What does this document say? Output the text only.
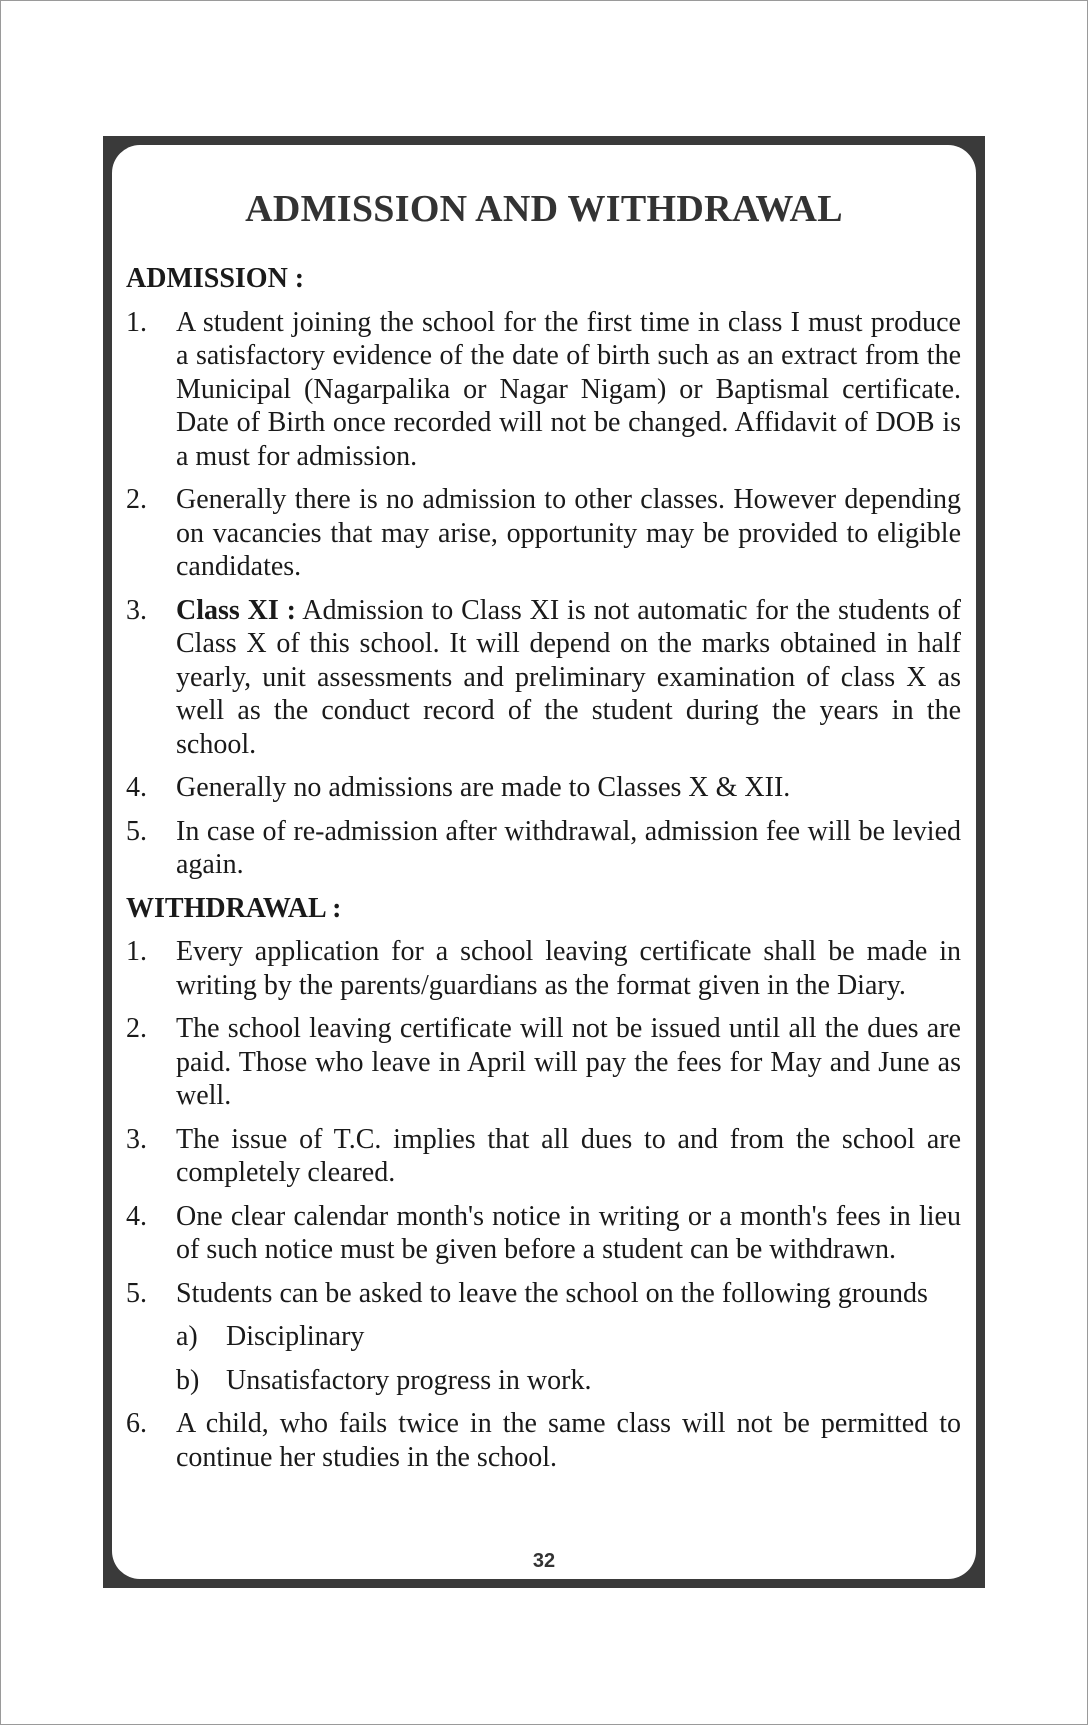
ADMISSION AND WITHDRAWAL
ADMISSION :
1. A student joining the school for the first time in class I must produce a satisfactory evidence of the date of birth such as an extract from the Municipal (Nagarpalika or Nagar Nigam) or Baptismal certificate. Date of Birth once recorded will not be changed. Affidavit of DOB is a must for admission.
2. Generally there is no admission to other classes. However depending on vacancies that may arise, opportunity may be provided to eligible candidates.
3. Class XI : Admission to Class XI is not automatic for the students of Class X of this school. It will depend on the marks obtained in half yearly, unit assessments and preliminary examination of class X as well as the conduct record of the student during the years in the school.
4. Generally no admissions are made to Classes X & XII.
5. In case of re-admission after withdrawal, admission fee will be levied again.
WITHDRAWAL :
1. Every application for a school leaving certificate shall be made in writing by the parents/guardians as the format given in the Diary.
2. The school leaving certificate will not be issued until all the dues are paid. Those who leave in April will pay the fees for May and June as well.
3. The issue of T.C. implies that all dues to and from the school are completely cleared.
4. One clear calendar month's notice in writing or a month's fees in lieu of such notice must be given before a student can be withdrawn.
5. Students can be asked to leave the school on the following grounds
a) Disciplinary
b) Unsatisfactory progress in work.
6. A child, who fails twice in the same class will not be permitted to continue her studies in the school.
32
